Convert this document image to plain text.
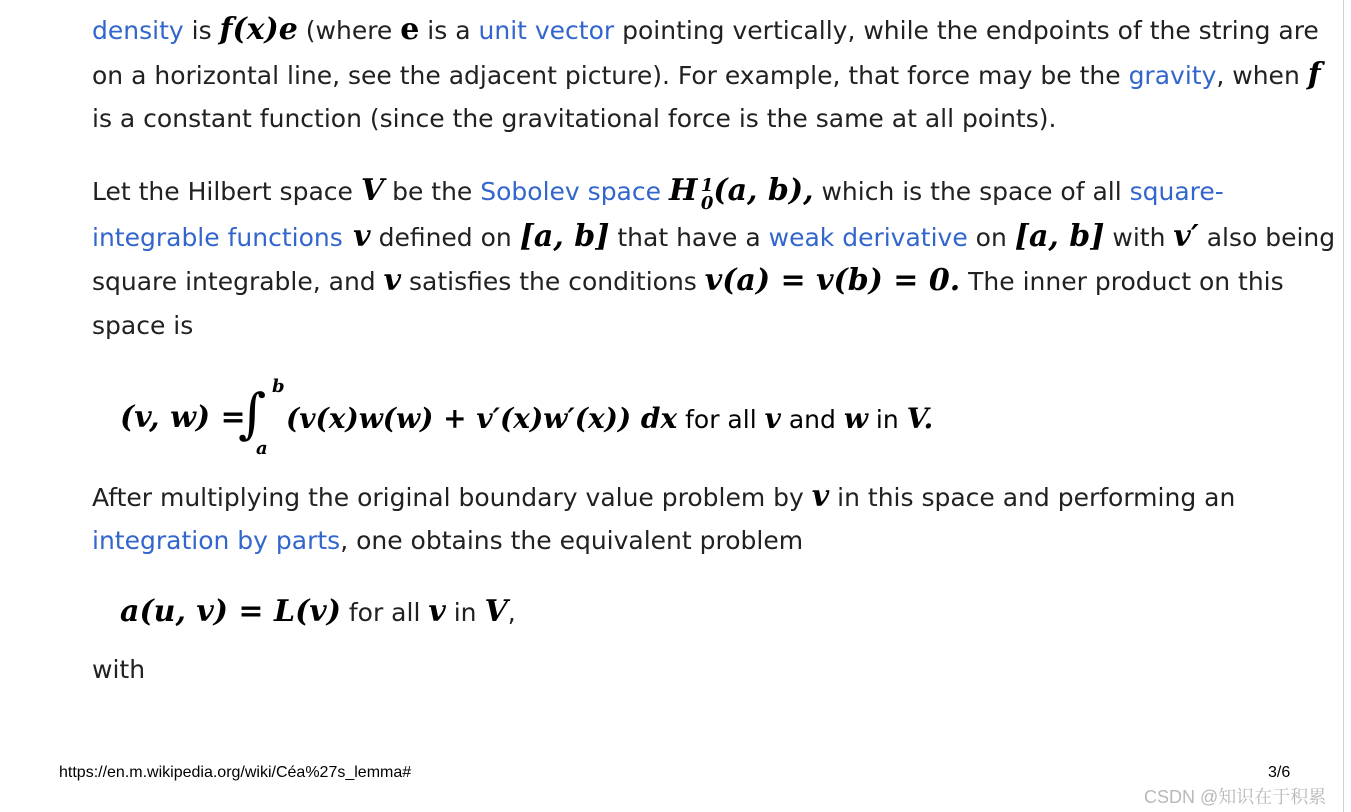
density is f(x)e (where e is a unit vector pointing vertically, while the endpoints of the string are
on a horizontal line, see the adjacent picture). For example, that force may be the gravity, when f
is a constant function (since the gravitational force is the same at all points).
Let the Hilbert space V be the Sobolev space H 1
0 (a, b), which is the space of all square-
integrable functions v defined on [a, b] that have a weak derivative on [a, b] with v′ also being
square integrable, and v satisfies the conditions v(a) = v(b) = 0. The inner product on this
space is
(v, w) =
∫ b
a
(v(x)w(w) + v′(x)w′(x)) dx for all v and w in V.
After multiplying the original boundary value problem by v in this space and performing an
integration by parts, one obtains the equivalent problem
a(u, v) = L(v) for all v in V,
with
https://en.m.wikipedia.org/wiki/Céa%27s_lemma#	3/6
CSDN @知识在于积累
